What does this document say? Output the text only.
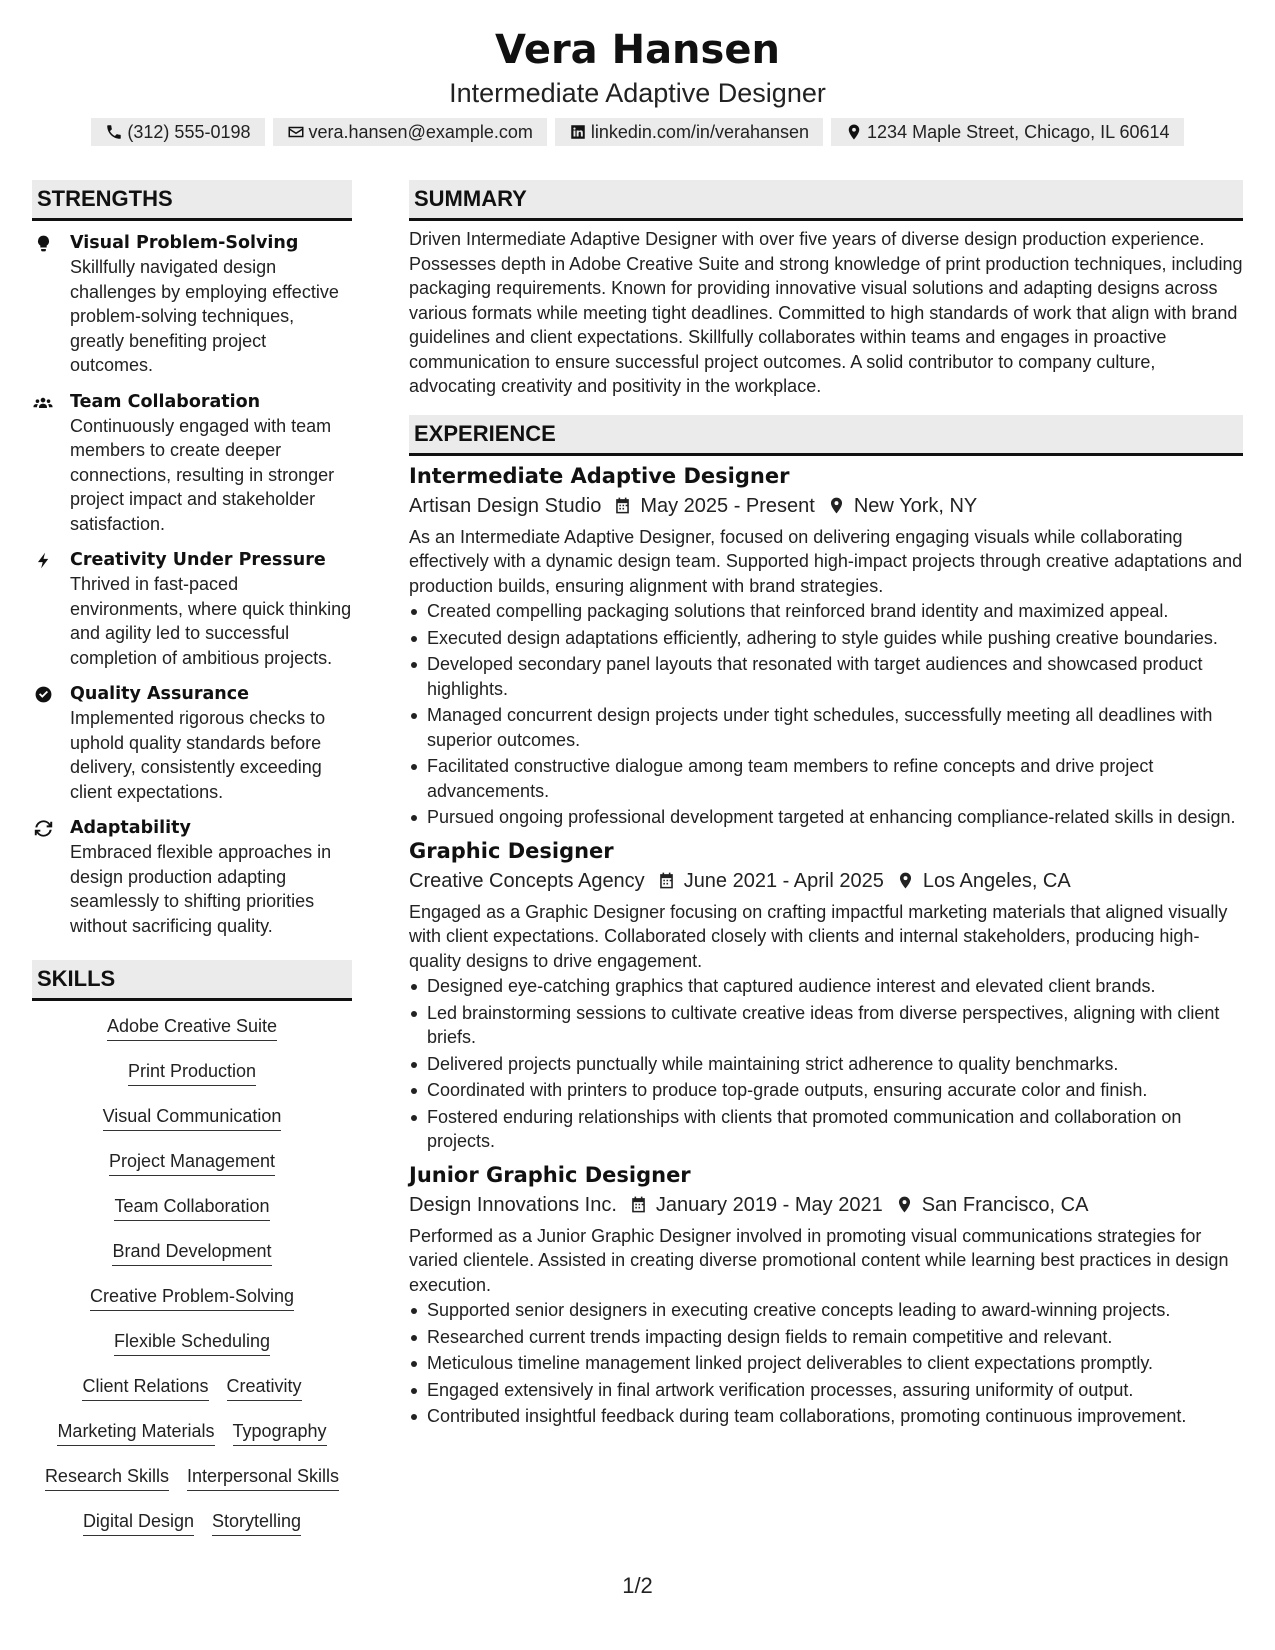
Vera Hansen
Intermediate Adaptive Designer
(312) 555-0198	vera.hansen@example.com	linkedin.com/in/verahansen	1234 Maple Street, Chicago, IL 60614
STRENGTHS
Visual Problem-Solving
Skillfully navigated design challenges by employing effective problem-solving techniques, greatly benefiting project outcomes.
Team Collaboration
Continuously engaged with team members to create deeper connections, resulting in stronger project impact and stakeholder satisfaction.
Creativity Under Pressure
Thrived in fast-paced environments, where quick thinking and agility led to successful completion of ambitious projects.
Quality Assurance
Implemented rigorous checks to uphold quality standards before delivery, consistently exceeding client expectations.
Adaptability
Embraced flexible approaches in design production adapting seamlessly to shifting priorities without sacrificing quality.
SKILLS
Adobe Creative Suite
Print Production
Visual Communication
Project Management
Team Collaboration
Brand Development
Creative Problem-Solving
Flexible Scheduling
Client Relations Creativity
Marketing Materials Typography
Research Skills Interpersonal Skills
Digital Design Storytelling
SUMMARY
Driven Intermediate Adaptive Designer with over five years of diverse design production experience. Possesses depth in Adobe Creative Suite and strong knowledge of print production techniques, including packaging requirements. Known for providing innovative visual solutions and adapting designs across various formats while meeting tight deadlines. Committed to high standards of work that align with brand guidelines and client expectations. Skillfully collaborates within teams and engages in proactive communication to ensure successful project outcomes. A solid contributor to company culture, advocating creativity and positivity in the workplace.
EXPERIENCE
Intermediate Adaptive Designer
Artisan Design Studio May 2025 - Present New York, NY
As an Intermediate Adaptive Designer, focused on delivering engaging visuals while collaborating effectively with a dynamic design team. Supported high-impact projects through creative adaptations and production builds, ensuring alignment with brand strategies.
Created compelling packaging solutions that reinforced brand identity and maximized appeal.
Executed design adaptations efficiently, adhering to style guides while pushing creative boundaries.
Developed secondary panel layouts that resonated with target audiences and showcased product highlights.
Managed concurrent design projects under tight schedules, successfully meeting all deadlines with superior outcomes.
Facilitated constructive dialogue among team members to refine concepts and drive project advancements.
Pursued ongoing professional development targeted at enhancing compliance-related skills in design.
Graphic Designer
Creative Concepts Agency June 2021 - April 2025 Los Angeles, CA
Engaged as a Graphic Designer focusing on crafting impactful marketing materials that aligned visually with client expectations. Collaborated closely with clients and internal stakeholders, producing high-quality designs to drive engagement.
Designed eye-catching graphics that captured audience interest and elevated client brands.
Led brainstorming sessions to cultivate creative ideas from diverse perspectives, aligning with client briefs.
Delivered projects punctually while maintaining strict adherence to quality benchmarks.
Coordinated with printers to produce top-grade outputs, ensuring accurate color and finish.
Fostered enduring relationships with clients that promoted communication and collaboration on projects.
Junior Graphic Designer
Design Innovations Inc. January 2019 - May 2021 San Francisco, CA
Performed as a Junior Graphic Designer involved in promoting visual communications strategies for varied clientele. Assisted in creating diverse promotional content while learning best practices in design execution.
Supported senior designers in executing creative concepts leading to award-winning projects.
Researched current trends impacting design fields to remain competitive and relevant.
Meticulous timeline management linked project deliverables to client expectations promptly.
Engaged extensively in final artwork verification processes, assuring uniformity of output.
Contributed insightful feedback during team collaborations, promoting continuous improvement.
1/2
